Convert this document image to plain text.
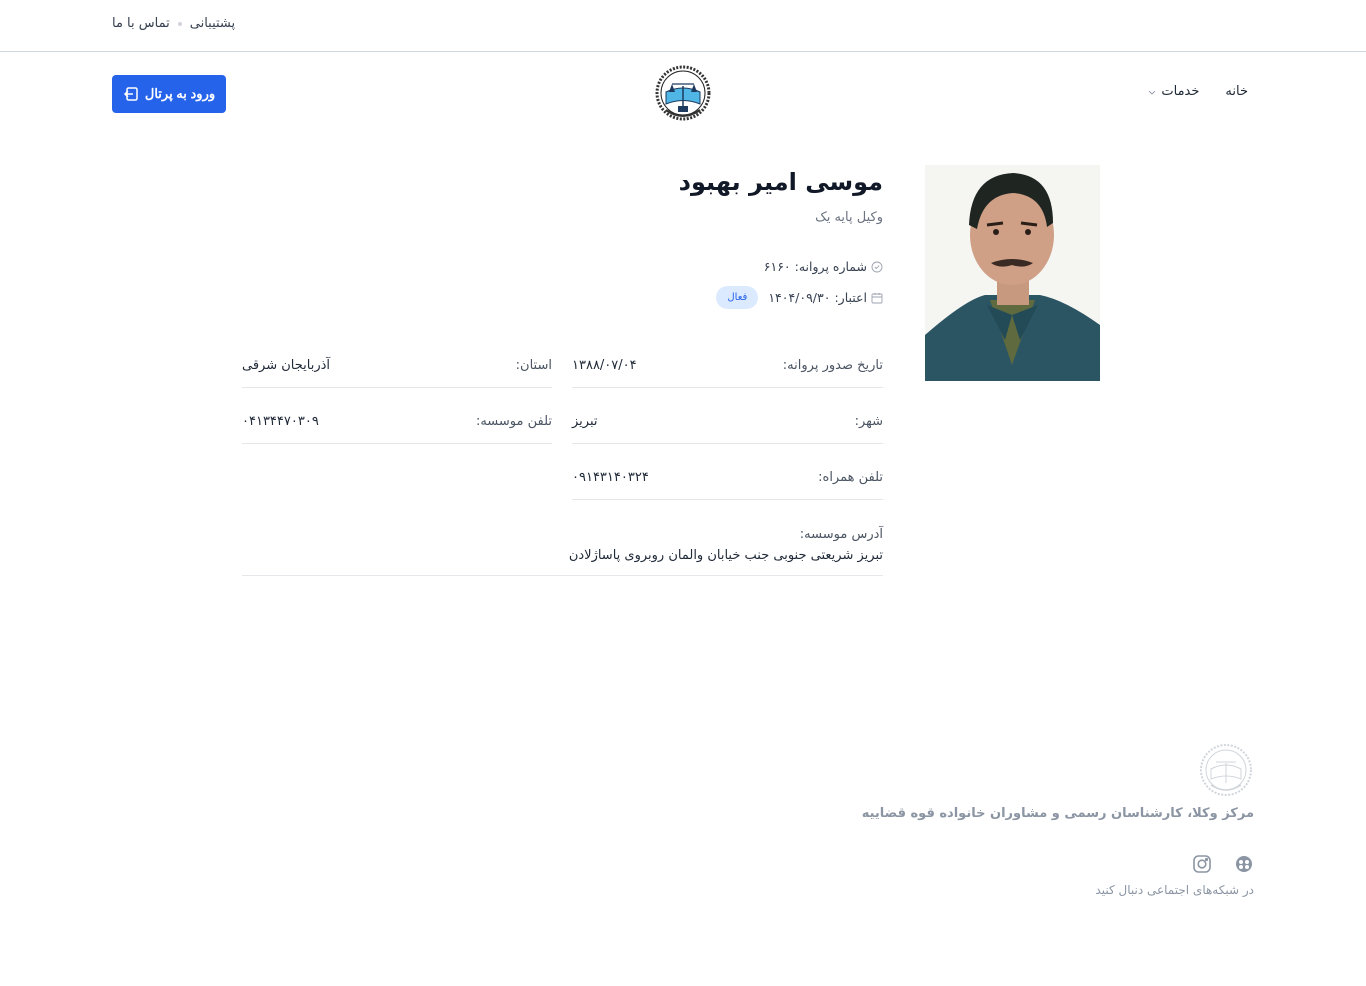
پشتیبانی
تماس با ما
ورود به پرتال	خانه
خدمات
موسی امیر بهبود
وکیل پایه یک
شماره پروانه:
۶۱۶۰
اعتبار:
۱۴۰۴/۰۹/۳۰
فعال
تاریخ صدور پروانه:
۱۳۸۸/۰۷/۰۴
استان:
آذربایجان شرقی
شهر:
تبریز
تلفن موسسه:
۰۴۱۳۴۴۷۰۳۰۹
تلفن همراه:
۰۹۱۴۳۱۴۰۳۲۴
آدرس موسسه:
تبریز شریعتی جنوبی جنب خیابان والمان روبروی پاساژلادن
مرکز وکلا، کارشناسان رسمی و مشاوران خانواده قوه قضاییه
در شبکه‌های اجتماعی دنبال کنید
